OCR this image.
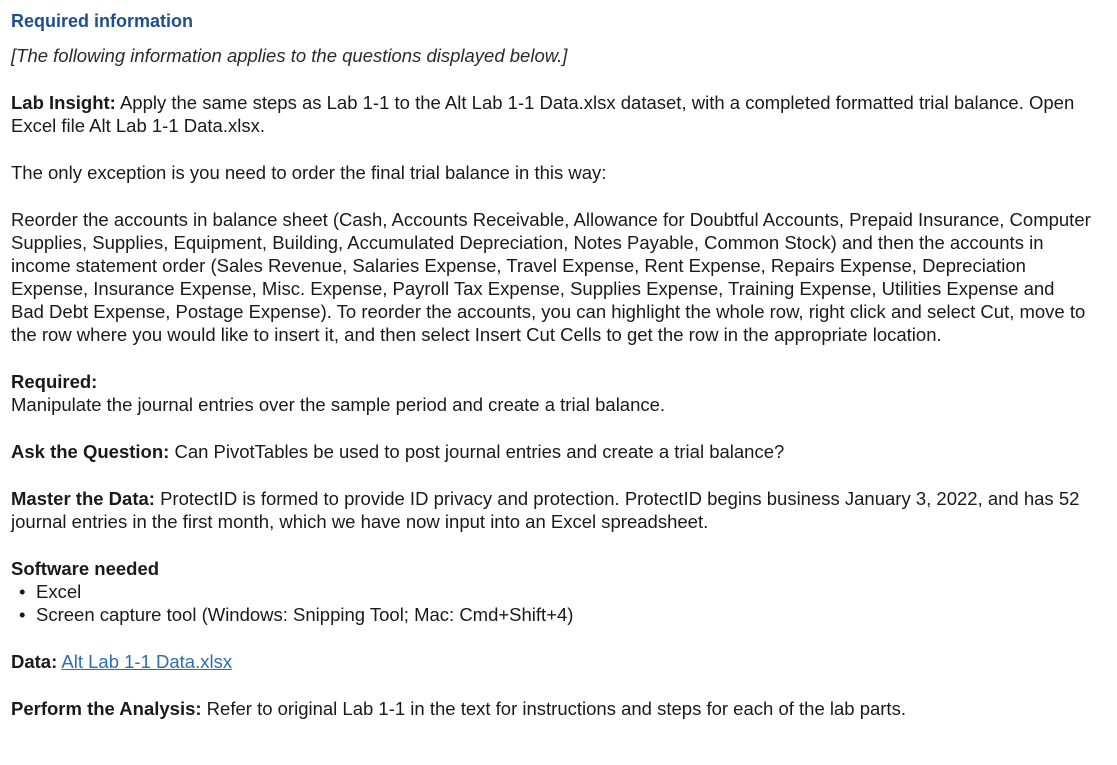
Required information
[The following information applies to the questions displayed below.]
Lab Insight: Apply the same steps as Lab 1-1 to the Alt Lab 1-1 Data.xlsx dataset, with a completed formatted trial balance. Open Excel file Alt Lab 1-1 Data.xlsx.
The only exception is you need to order the final trial balance in this way:
Reorder the accounts in balance sheet (Cash, Accounts Receivable, Allowance for Doubtful Accounts, Prepaid Insurance, Computer Supplies, Supplies, Equipment, Building, Accumulated Depreciation, Notes Payable, Common Stock) and then the accounts in income statement order (Sales Revenue, Salaries Expense, Travel Expense, Rent Expense, Repairs Expense, Depreciation Expense, Insurance Expense, Misc. Expense, Payroll Tax Expense, Supplies Expense, Training Expense, Utilities Expense and Bad Debt Expense, Postage Expense). To reorder the accounts, you can highlight the whole row, right click and select Cut, move to the row where you would like to insert it, and then select Insert Cut Cells to get the row in the appropriate location.
Required:
Manipulate the journal entries over the sample period and create a trial balance.
Ask the Question: Can PivotTables be used to post journal entries and create a trial balance?
Master the Data: ProtectID is formed to provide ID privacy and protection. ProtectID begins business January 3, 2022, and has 52 journal entries in the first month, which we have now input into an Excel spreadsheet.
Software needed
• Excel
• Screen capture tool (Windows: Snipping Tool; Mac: Cmd+Shift+4)
Data: Alt Lab 1-1 Data.xlsx
Perform the Analysis: Refer to original Lab 1-1 in the text for instructions and steps for each of the lab parts.
